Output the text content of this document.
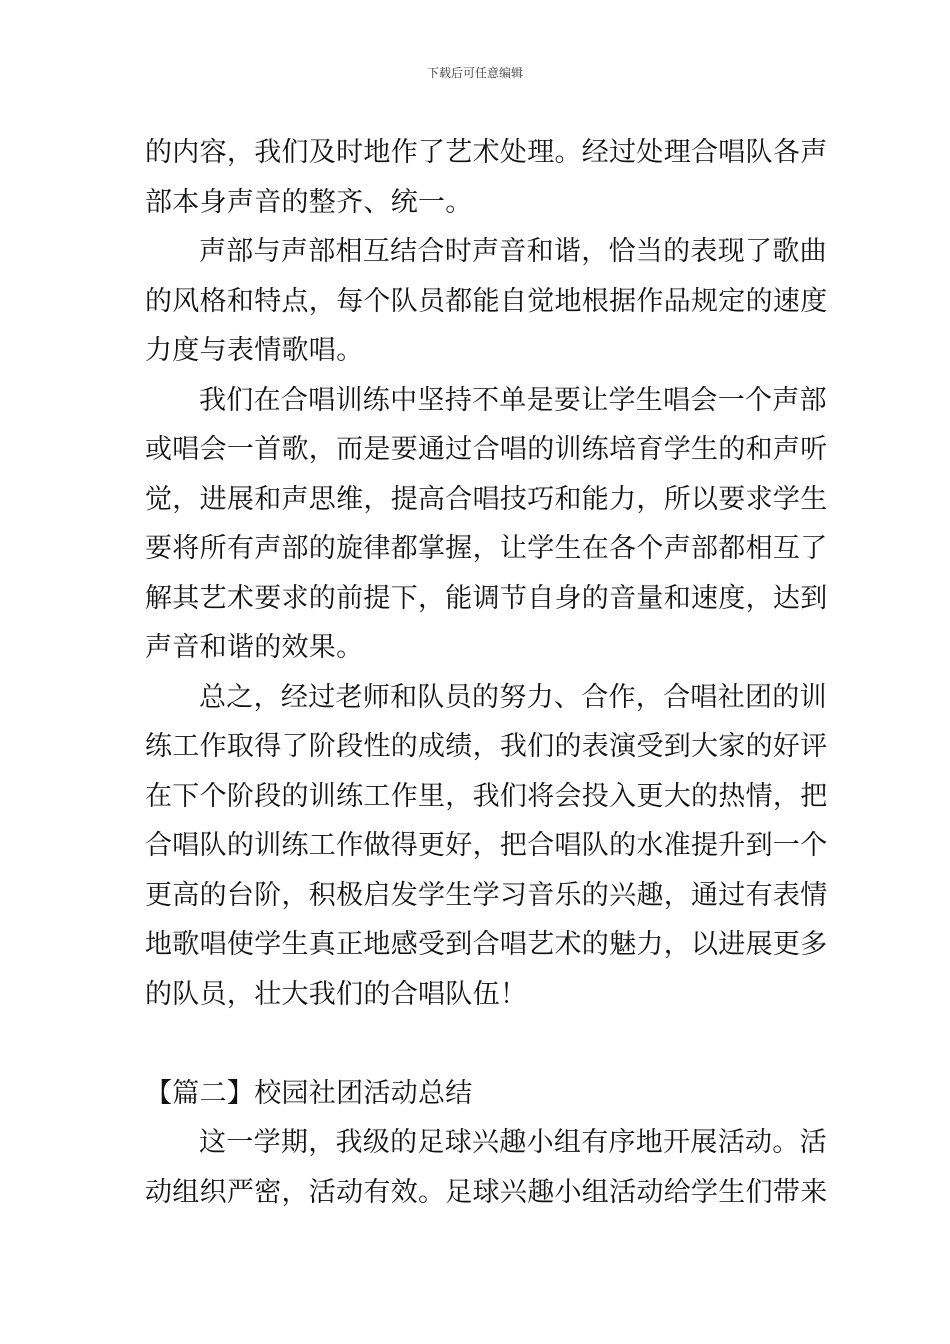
下载后可任意编辑
的内容，我们及时地作了艺术处理。经过处理合唱队各声
部本身声音的整齐、统一。
声部与声部相互结合时声音和谐，恰当的表现了歌曲
的风格和特点，每个队员都能自觉地根据作品规定的速度
力度与表情歌唱。
我们在合唱训练中坚持不单是要让学生唱会一个声部
或唱会一首歌，而是要通过合唱的训练培育学生的和声听
觉，进展和声思维，提高合唱技巧和能力，所以要求学生
要将所有声部的旋律都掌握，让学生在各个声部都相互了
解其艺术要求的前提下，能调节自身的音量和速度，达到
声音和谐的效果。
总之，经过老师和队员的努力、合作，合唱社团的训
练工作取得了阶段性的成绩，我们的表演受到大家的好评
在下个阶段的训练工作里，我们将会投入更大的热情，把
合唱队的训练工作做得更好，把合唱队的水准提升到一个
更高的台阶，积极启发学生学习音乐的兴趣，通过有表情
地歌唱使学生真正地感受到合唱艺术的魅力，以进展更多
的队员，壮大我们的合唱队伍！
【篇二】校园社团活动总结
这一学期，我级的足球兴趣小组有序地开展活动。活
动组织严密，活动有效。足球兴趣小组活动给学生们带来
